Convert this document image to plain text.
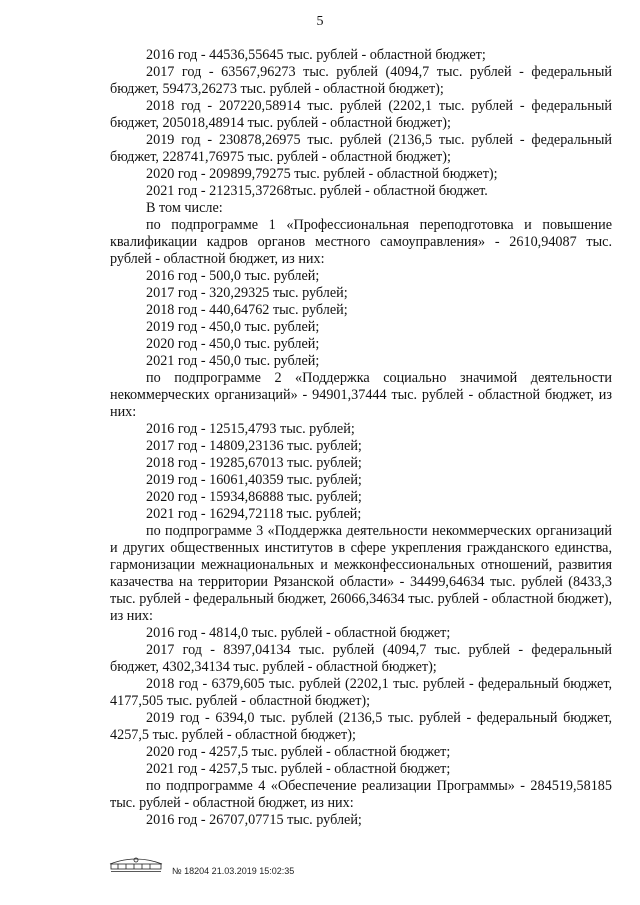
5

2016 год - 44536,55645 тыс. рублей - областной бюджет;

2017 год - 63567,96273 тыс. рублей (4094,7 тыс. рублей - федеральный бюджет, 59473,26273 тыс. рублей - областной бюджет);

2018 год - 207220,58914 тыс. рублей (2202,1 тыс. рублей - федеральный бюджет, 205018,48914 тыс. рублей - областной бюджет);

2019 год - 230878,26975 тыс. рублей (2136,5 тыс. рублей - федеральный бюджет, 228741,76975 тыс. рублей - областной бюджет);

2020 год - 209899,79275 тыс. рублей - областной бюджет);

2021 год - 212315,37268тыс. рублей - областной бюджет.

В том числе:

по подпрограмме 1 «Профессиональная переподготовка и повышение квалификации кадров органов местного самоуправления» - 2610,94087 тыс. рублей - областной бюджет, из них:

2016 год - 500,0 тыс. рублей;

2017 год - 320,29325 тыс. рублей;

2018 год - 440,64762 тыс. рублей;

2019 год - 450,0 тыс. рублей;

2020 год - 450,0 тыс. рублей;

2021 год - 450,0 тыс. рублей;

по подпрограмме 2 «Поддержка социально значимой деятельности некоммерческих организаций» - 94901,37444 тыс. рублей - областной бюджет, из них:

2016 год - 12515,4793 тыс. рублей;

2017 год - 14809,23136 тыс. рублей;

2018 год - 19285,67013 тыс. рублей;

2019 год - 16061,40359 тыс. рублей;

2020 год - 15934,86888 тыс. рублей;

2021 год - 16294,72118 тыс. рублей;

по подпрограмме 3 «Поддержка деятельности некоммерческих организаций и других общественных институтов в сфере укрепления гражданского единства, гармонизации межнациональных и межконфессиональных отношений, развития казачества на территории Рязанской области» - 34499,64634 тыс. рублей (8433,3 тыс. рублей - федеральный бюджет, 26066,34634 тыс. рублей - областной бюджет), из них:

2016 год - 4814,0 тыс. рублей - областной бюджет;

2017 год - 8397,04134 тыс. рублей (4094,7 тыс. рублей - федеральный бюджет, 4302,34134 тыс. рублей - областной бюджет);

2018 год - 6379,605 тыс. рублей (2202,1 тыс. рублей - федеральный бюджет, 4177,505 тыс. рублей - областной бюджет);

2019 год - 6394,0 тыс. рублей (2136,5 тыс. рублей - федеральный бюджет, 4257,5 тыс. рублей - областной бюджет);

2020 год - 4257,5 тыс. рублей - областной бюджет;

2021 год - 4257,5 тыс. рублей - областной бюджет;

по подпрограмме 4 «Обеспечение реализации Программы» - 284519,58185 тыс. рублей - областной бюджет, из них:

2016 год - 26707,07715 тыс. рублей;

№ 18204 21.03.2019 15:02:35
